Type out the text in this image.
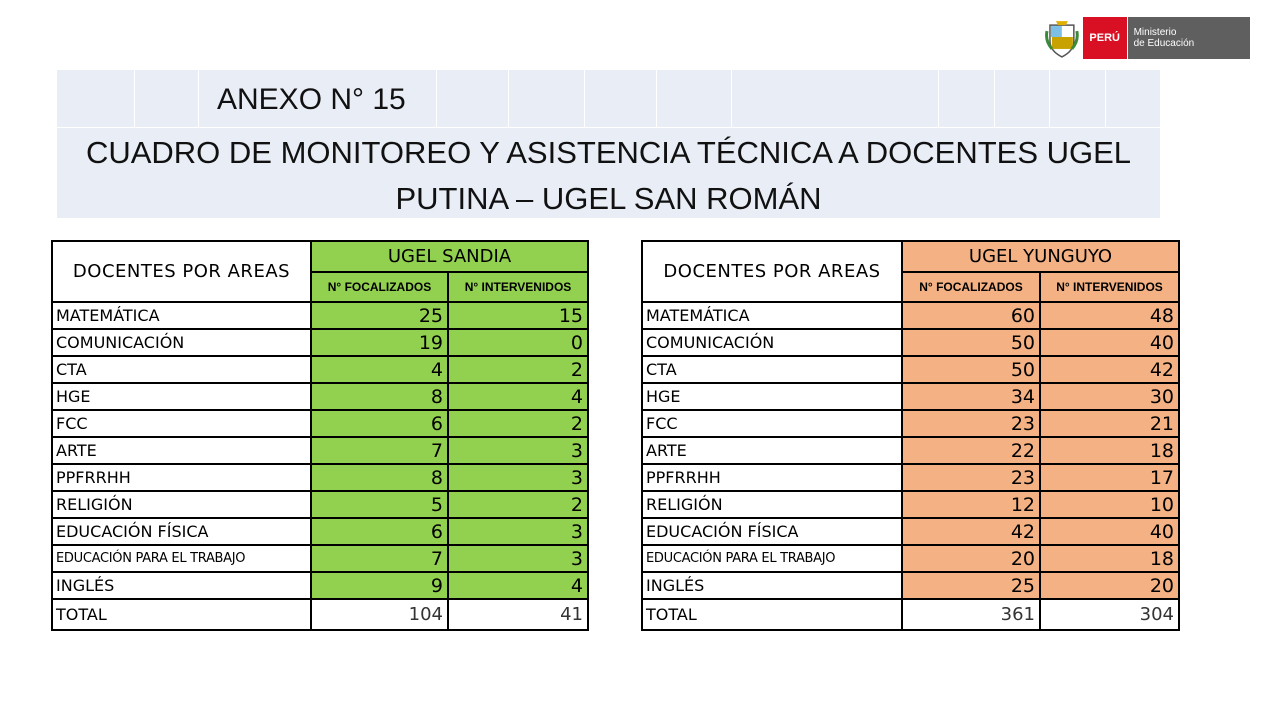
PERÚ	Ministerio
de Educación
ANEXO N° 15
CUADRO DE MONITOREO Y ASISTENCIA TÉCNICA A DOCENTES UGEL
PUTINA – UGEL SAN ROMÁN
DOCENTES POR AREAS	UGEL SANDIA	
	N° FOCALIZADOS	N° INTERVENIDOS
MATEMÁTICA	25	15
COMUNICACIÓN	19	0
CTA	4	2
HGE	8	4
FCC	6	2
ARTE	7	3
PPFRRHH	8	3
RELIGIÓN	5	2
EDUCACIÓN FÍSICA	6	3
EDUCACIÓN PARA EL TRABAJO	7	3
INGLÉS	9	4
TOTAL	104	41
DOCENTES POR AREAS	UGEL YUNGUYO	
	N° FOCALIZADOS	N° INTERVENIDOS
MATEMÁTICA	60	48
COMUNICACIÓN	50	40
CTA	50	42
HGE	34	30
FCC	23	21
ARTE	22	18
PPFRRHH	23	17
RELIGIÓN	12	10
EDUCACIÓN FÍSICA	42	40
EDUCACIÓN PARA EL TRABAJO	20	18
INGLÉS	25	20
TOTAL	361	304
